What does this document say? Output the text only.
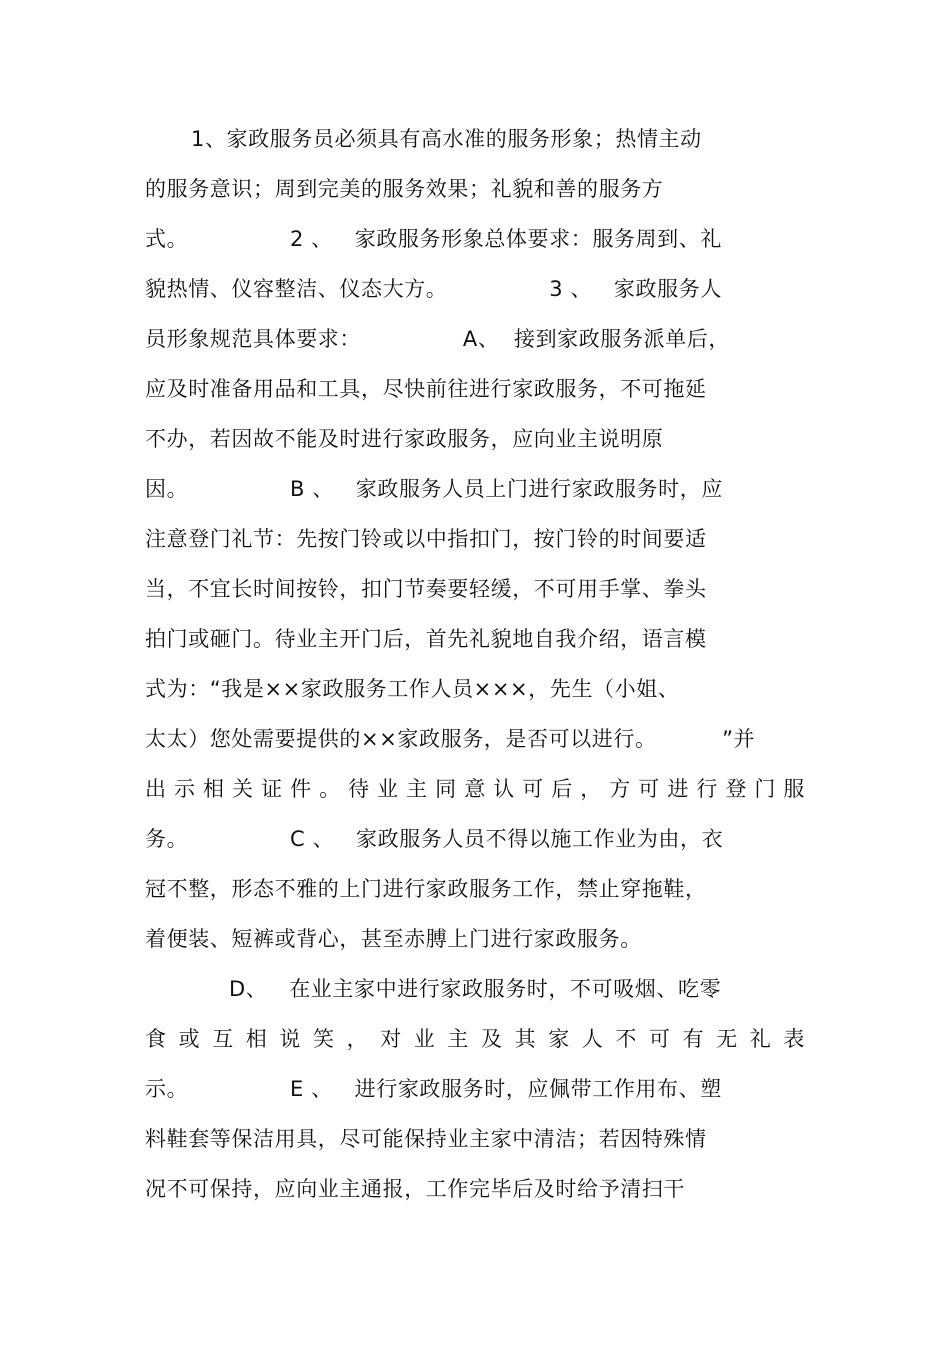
1、家政服务员必须具有高水准的服务形象；热情主动
的服务意识；周到完美的服务效果；礼貌和善的服务方
式。              2 、   家政服务形象总体要求：服务周到、礼
貌热情、仪容整洁、仪态大方。              3 、   家政服务人
员形象规范具体要求：              A、  接到家政服务派单后，
应及时准备用品和工具，尽快前往进行家政服务，不可拖延
不办，若因故不能及时进行家政服务，应向业主说明原
因。              B 、   家政服务人员上门进行家政服务时，应
注意登门礼节：先按门铃或以中指扣门，按门铃的时间要适
当，不宜长时间按铃，扣门节奏要轻缓，不可用手掌、拳头
拍门或砸门。待业主开门后，首先礼貌地自我介绍，语言模
式为：“我是××家政服务工作人员×××，先生（小姐、
太太）您处需要提供的××家政服务，是否可以进行。         ”并
出 示 相 关 证 件 。 待 业 主 同 意 认 可 后 ， 方 可 进 行 登 门 服
务。              C 、   家政服务人员不得以施工作业为由，衣
冠不整，形态不雅的上门进行家政服务工作，禁止穿拖鞋，
着便装、短裤或背心，甚至赤膊上门进行家政服务。
D、   在业主家中进行家政服务时，不可吸烟、吃零
食 或 互 相 说 笑 ， 对 业 主 及 其 家 人 不 可 有 无 礼 表
示。              E 、   进行家政服务时，应佩带工作用布、塑
料鞋套等保洁用具，尽可能保持业主家中清洁；若因特殊情
况不可保持，应向业主通报，工作完毕后及时给予清扫干
